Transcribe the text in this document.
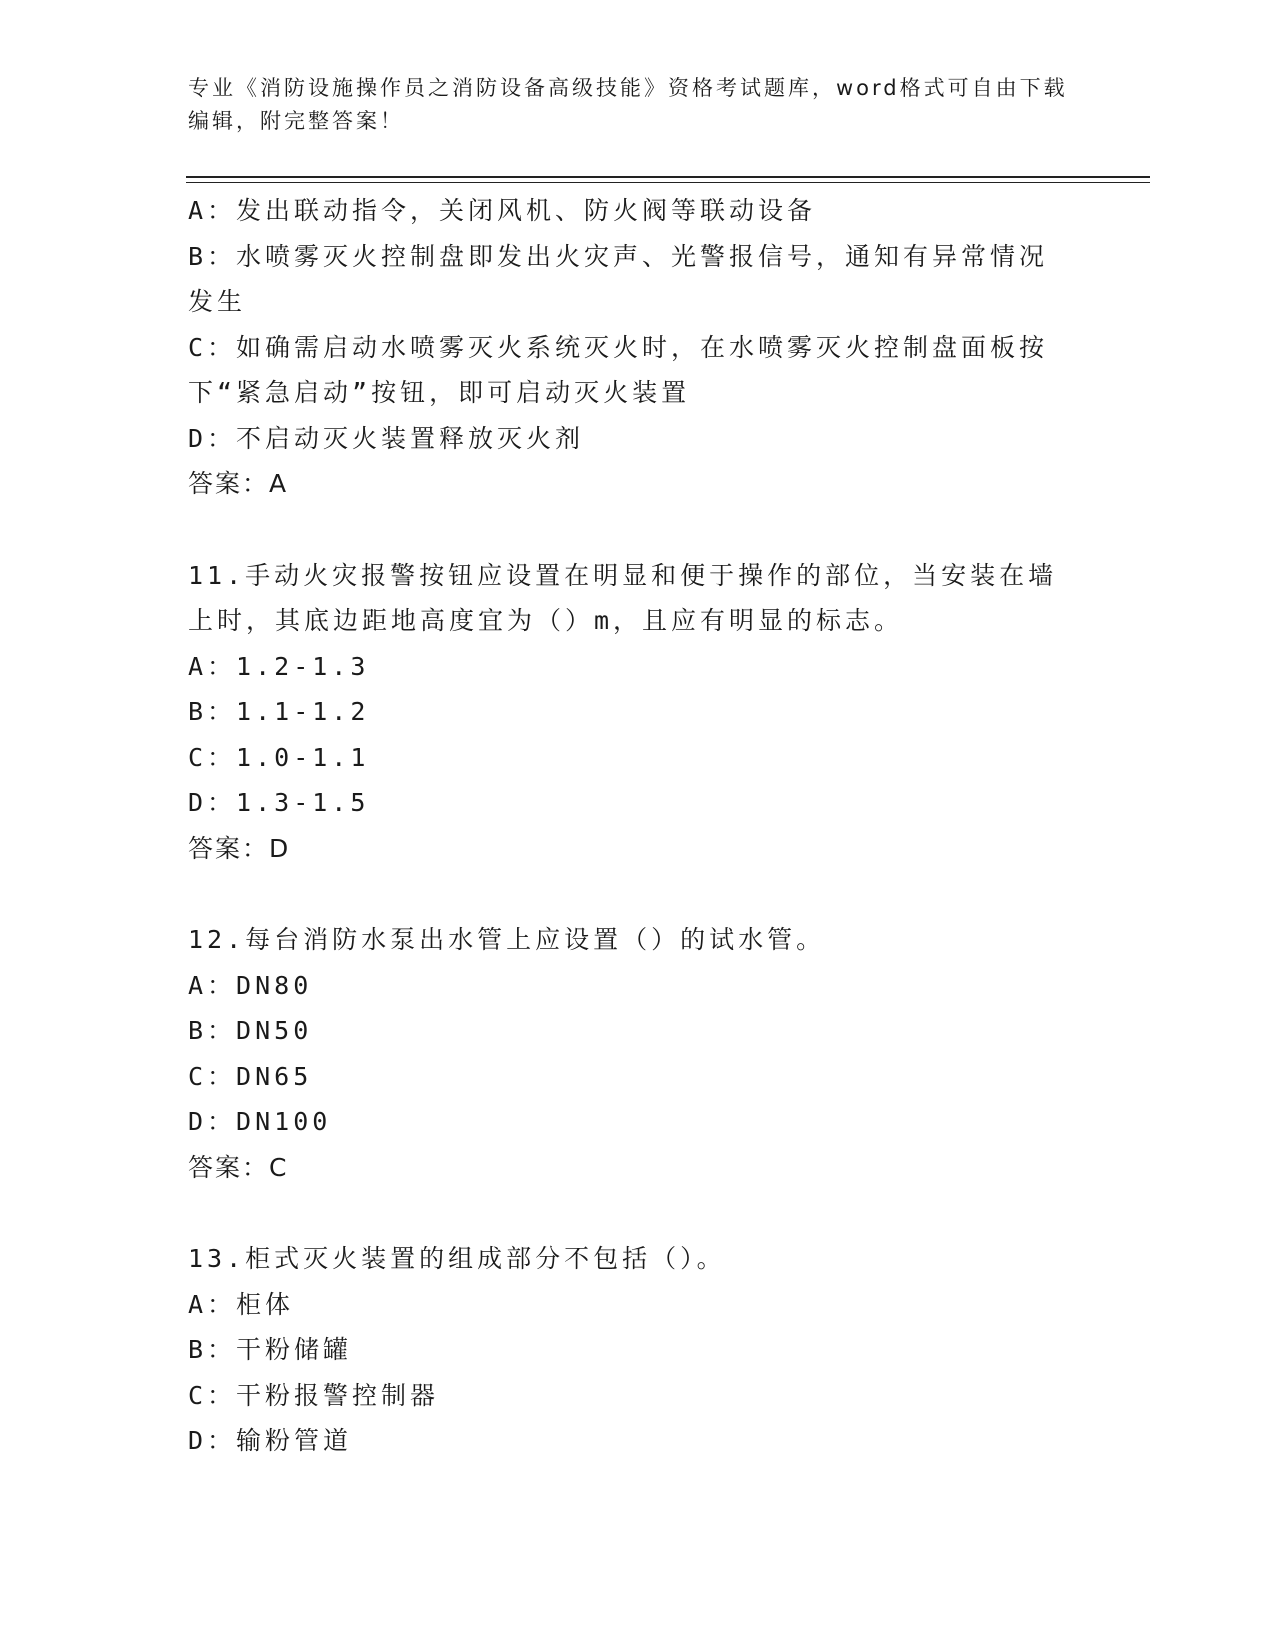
专业《消防设施操作员之消防设备高级技能》资格考试题库，word格式可自由下载编辑，附完整答案！
A：发出联动指令，关闭风机、防火阀等联动设备
B：水喷雾灭火控制盘即发出火灾声、光警报信号，通知有异常情况发生
C：如确需启动水喷雾灭火系统灭火时，在水喷雾灭火控制盘面板按下“紧急启动”按钮，即可启动灭火装置
D：不启动灭火装置释放灭火剂
答案：A
11.手动火灾报警按钮应设置在明显和便于操作的部位，当安装在墙上时，其底边距地高度宜为（）m，且应有明显的标志。
A：1.2-1.3
B：1.1-1.2
C：1.0-1.1
D：1.3-1.5
答案：D
12.每台消防水泵出水管上应设置（）的试水管。
A：DN80
B：DN50
C：DN65
D：DN100
答案：C
13.柜式灭火装置的组成部分不包括（）。
A：柜体
B：干粉储罐
C：干粉报警控制器
D：输粉管道
